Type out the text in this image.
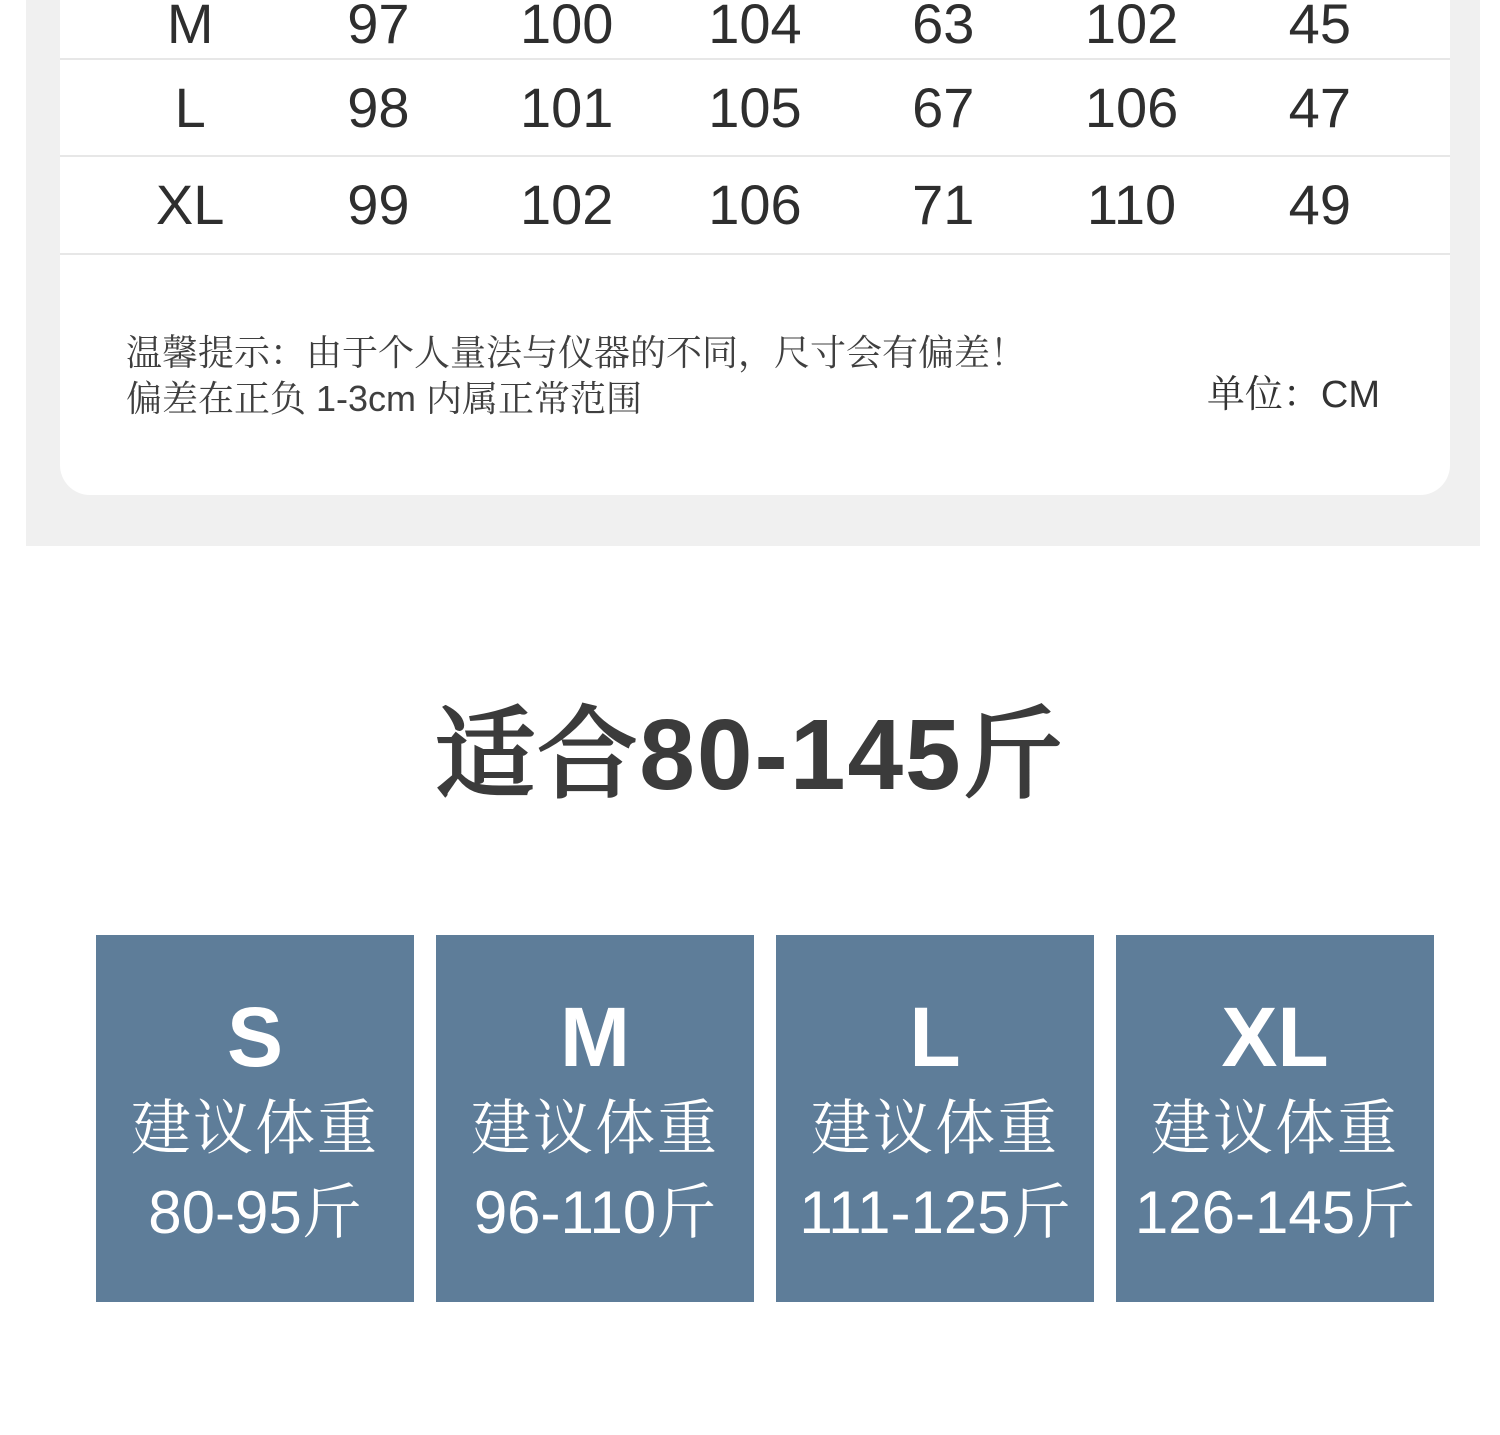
M	97	100	104	63	102	45
L	98	101	105	67	106	47
XL	99	102	106	71	110	49
温馨提示：由于个人量法与仪器的不同，尺寸会有偏差！
偏差在正负 1-3cm 内属正常范围	单位：CM
适合80-145斤
S
建议体重
80-95斤
M
建议体重
96-110斤
L
建议体重
111-125斤
XL
建议体重
126-145斤
